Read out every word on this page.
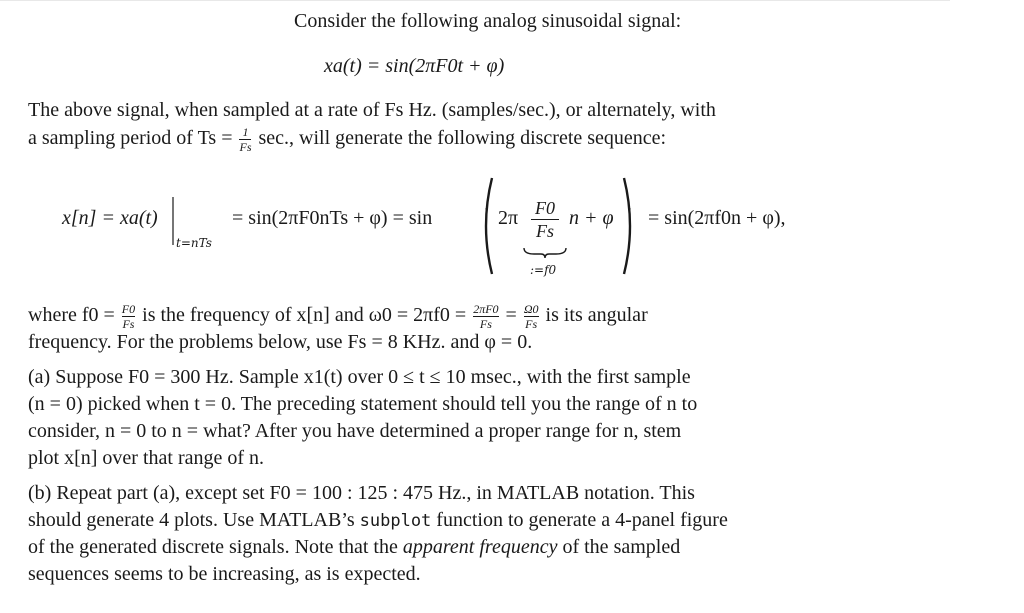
Consider the following analog sinusoidal signal:
xa(t) = sin(2πF0t + φ)
The above signal, when sampled at a rate of Fs Hz. (samples/sec.), or alternately, with
a sampling period of $Ts = \frac{1}{Fs} \sec$., will generate the following discrete sequence:
x[n] = xa(t)
t=nTs
= sin(2πF0nTs + φ) = sin	2π F0
Fs
n + φ
:=f0
= sin(2πf0n + φ),
where $f0 = \frac{F0}{Fs}$ is the frequency of x[n] and $\omega 0 = 2\pi f0 = \frac{2\pi F0}{Fs} = \frac{\Omega 0}{Fs}$ is its angular
frequency. For the problems below, use Fs = 8 KHz. and φ = 0.
(a) Suppose F0 = 300 Hz. Sample x1(t) over 0 ≤ t ≤ 10 msec., with the first sample
(n = 0) picked when t = 0. The preceding statement should tell you the range of n to
consider, n = 0 to n = what? After you have determined a proper range for n, stem
plot x[n] over that range of n.
(b) Repeat part (a), except set F0 = 100 : 125 : 475 Hz., in MATLAB notation. This
should generate 4 plots. Use MATLAB’s subplot function to generate a 4-panel figure
of the generated discrete signals. Note that the apparent frequency of the sampled
sequences seems to be increasing, as is expected.
